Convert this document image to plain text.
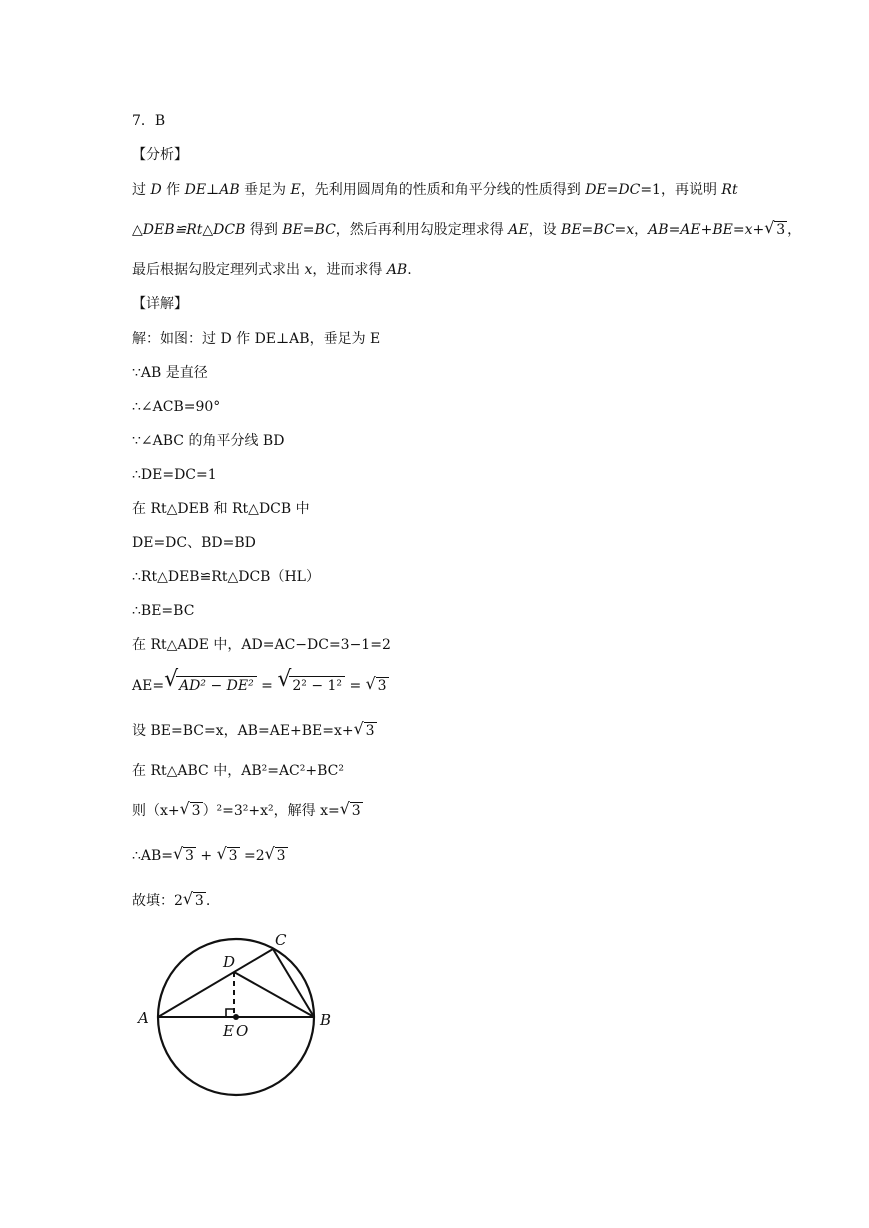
7．B
【分析】
过 D 作 DE⊥AB 垂足为 E，先利用圆周角的性质和角平分线的性质得到 DE=DC=1，再说明 Rt
△DEB≌Rt△DCB 得到 BE=BC，然后再利用勾股定理求得 AE，设 BE=BC=x，AB=AE+BE=x+ √ 3 ，
最后根据勾股定理列式求出 x，进而求得 AB.
【详解】
解：如图：过 D 作 DE⊥AB，垂足为 E
∵AB 是直径
∴∠ACB=90°
∵∠ABC 的角平分线 BD
∴DE=DC=1
在 Rt△DEB 和 Rt△DCB 中
DE=DC、BD=BD
∴Rt△DEB≌Rt△DCB（HL）
∴BE=BC
在 Rt△ADE 中，AD=AC−DC=3−1=2
AE= √ AD² − DE² = √ 2² − 1² = √ 3
设 BE=BC=x，AB=AE+BE=x+ √ 3
在 Rt△ABC 中，AB²=AC²+BC²
则（x+ √ 3 ）²=3²+x²，解得 x= √ 3
∴AB= √ 3 + √ 3 =2 √ 3
故填：2 √ 3 .
A	B
C
D
E O
